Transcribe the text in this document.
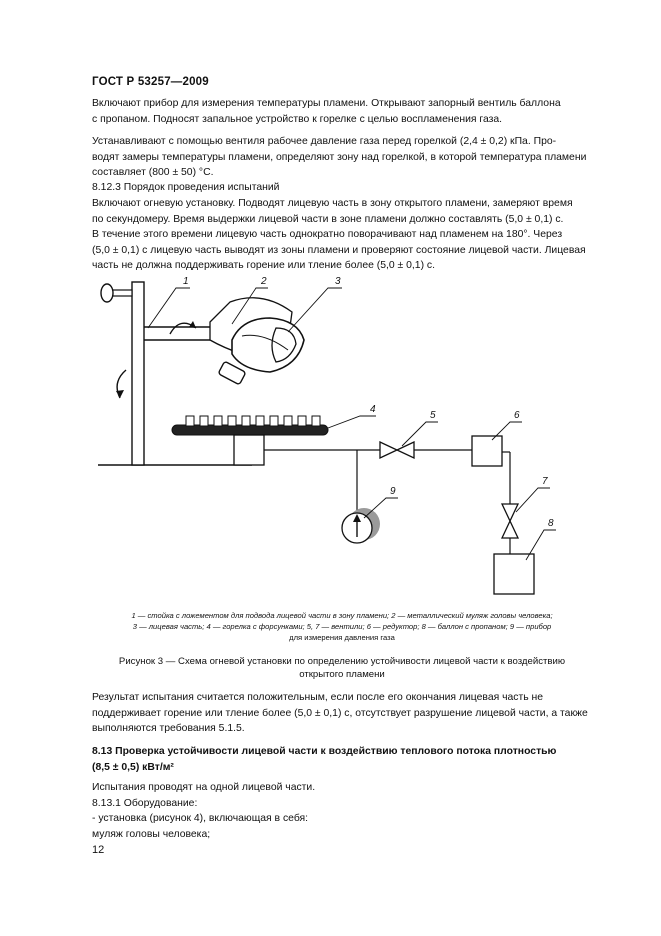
ГОСТ Р 53257—2009
Включают прибор для измерения температуры пламени. Открывают запорный вентиль баллона
с пропаном. Подносят запальное устройство к горелке с целью воспламенения газа.
Устанавливают с помощью вентиля рабочее давление газа перед горелкой (2,4 ± 0,2) кПа. Про-
водят замеры температуры пламени, определяют зону над горелкой, в которой температура пламени
составляет (800 ± 50) °С.
8.12.3 Порядок проведения испытаний
Включают огневую установку. Подводят лицевую часть в зону открытого пламени, замеряют время
по секундомеру. Время выдержки лицевой части в зоне пламени должно составлять (5,0 ± 0,1) с.
В течение этого времени лицевую часть однократно поворачивают над пламенем на 180°. Через
(5,0 ± 0,1) с лицевую часть выводят из зоны пламени и проверяют состояние лицевой части. Лицевая
часть не должна поддерживать горение или тление более (5,0 ± 0,1) с.
1	2	3
4
5	6
7
8
9
1 — стойка с ложементом для подвода лицевой части в зону пламени; 2 — металлический муляж головы человека;
3 — лицевая часть; 4 — горелка с форсунками; 5, 7 — вентили; 6 — редуктор; 8 — баллон с пропаном; 9 — прибор
для измерения давления газа
Рисунок 3 — Схема огневой установки по определению устойчивости лицевой части к воздействию
открытого пламени
Результат испытания считается положительным, если после его окончания лицевая часть не
поддерживает горение или тление более (5,0 ± 0,1) с, отсутствует разрушение лицевой части, а также
выполняются требования 5.1.5.
8.13 Проверка устойчивости лицевой части к воздействию теплового потока плотностью
(8,5 ± 0,5) кВт/м²
Испытания проводят на одной лицевой части.
8.13.1 Оборудование:
- установка (рисунок 4), включающая в себя:
муляж головы человека;
12
